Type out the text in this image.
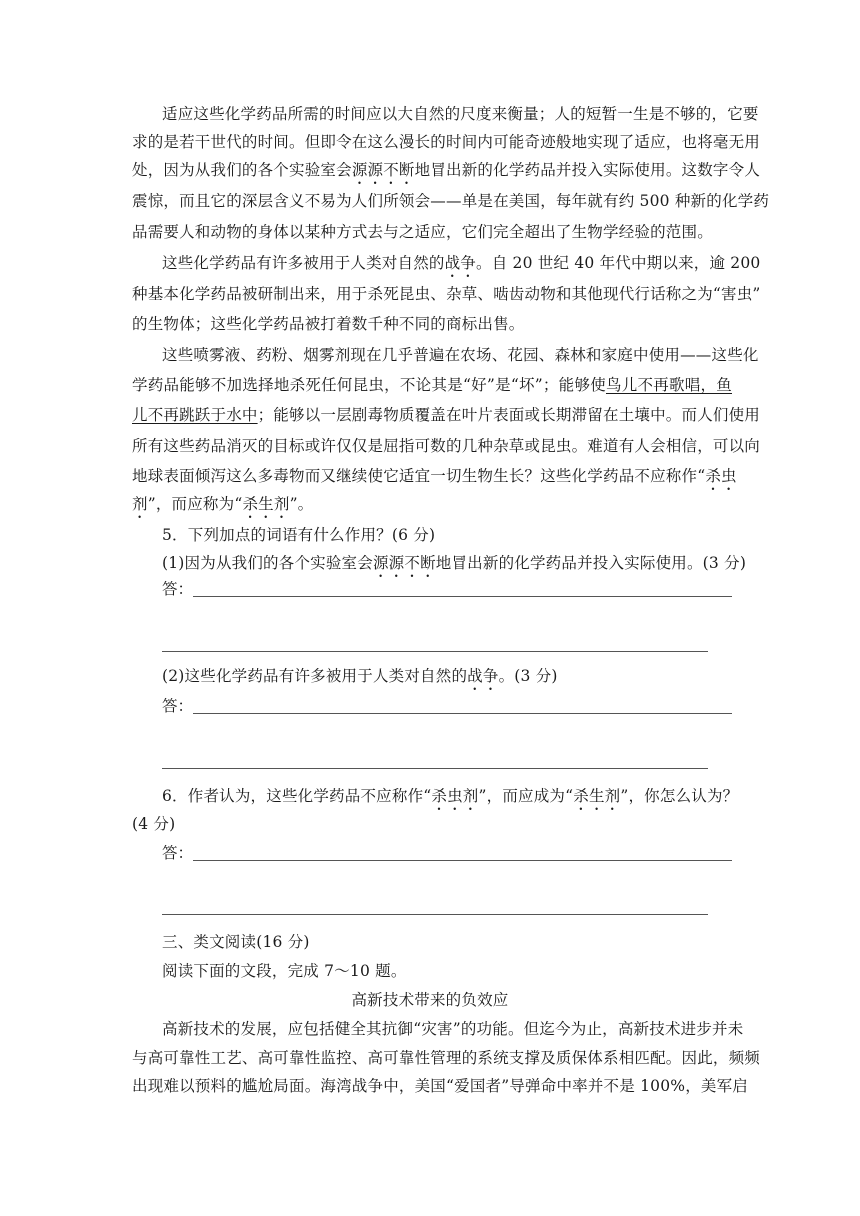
适应这些化学药品所需的时间应以大自然的尺度来衡量；人的短暂一生是不够的，它要
求的是若干世代的时间。但即令在这么漫长的时间内可能奇迹般地实现了适应，也将毫无用
处，因为从我们的各个实验室会源源不断地冒出新的化学药品并投入实际使用。这数字令人
震惊，而且它的深层含义不易为人们所领会——单是在美国，每年就有约 500 种新的化学药
品需要人和动物的身体以某种方式去与之适应，它们完全超出了生物学经验的范围。
这些化学药品有许多被用于人类对自然的战争。自 20 世纪 40 年代中期以来，逾 200
种基本化学药品被研制出来，用于杀死昆虫、杂草、啮齿动物和其他现代行话称之为“害虫”
的生物体；这些化学药品被打着数千种不同的商标出售。
这些喷雾液、药粉、烟雾剂现在几乎普遍在农场、花园、森林和家庭中使用——这些化
学药品能够不加选择地杀死任何昆虫，不论其是“好”是“坏”；能够使鸟儿不再歌唱，鱼
儿不再跳跃于水中；能够以一层剧毒物质覆盖在叶片表面或长期滞留在土壤中。而人们使用
所有这些药品消灭的目标或许仅仅是屈指可数的几种杂草或昆虫。难道有人会相信，可以向
地球表面倾泻这么多毒物而又继续使它适宜一切生物生长？这些化学药品不应称作“杀虫
剂”，而应称为“杀生剂”。
5．下列加点的词语有什么作用？(6 分)
(1)因为从我们的各个实验室会源源不断地冒出新的化学药品并投入实际使用。(3 分)
答：
(2)这些化学药品有许多被用于人类对自然的战争。(3 分)
答：
6．作者认为，这些化学药品不应称作“杀虫剂”，而应成为“杀生剂”，你怎么认为？
(4 分)
答：
三、类文阅读(16 分)
阅读下面的文段，完成 7～10 题。
高新技术带来的负效应
高新技术的发展，应包括健全其抗御“灾害”的功能。但迄今为止，高新技术进步并未
与高可靠性工艺、高可靠性监控、高可靠性管理的系统支撑及质保体系相匹配。因此，频频
出现难以预料的尴尬局面。海湾战争中，美国“爱国者”导弹命中率并不是 100%，美军启
